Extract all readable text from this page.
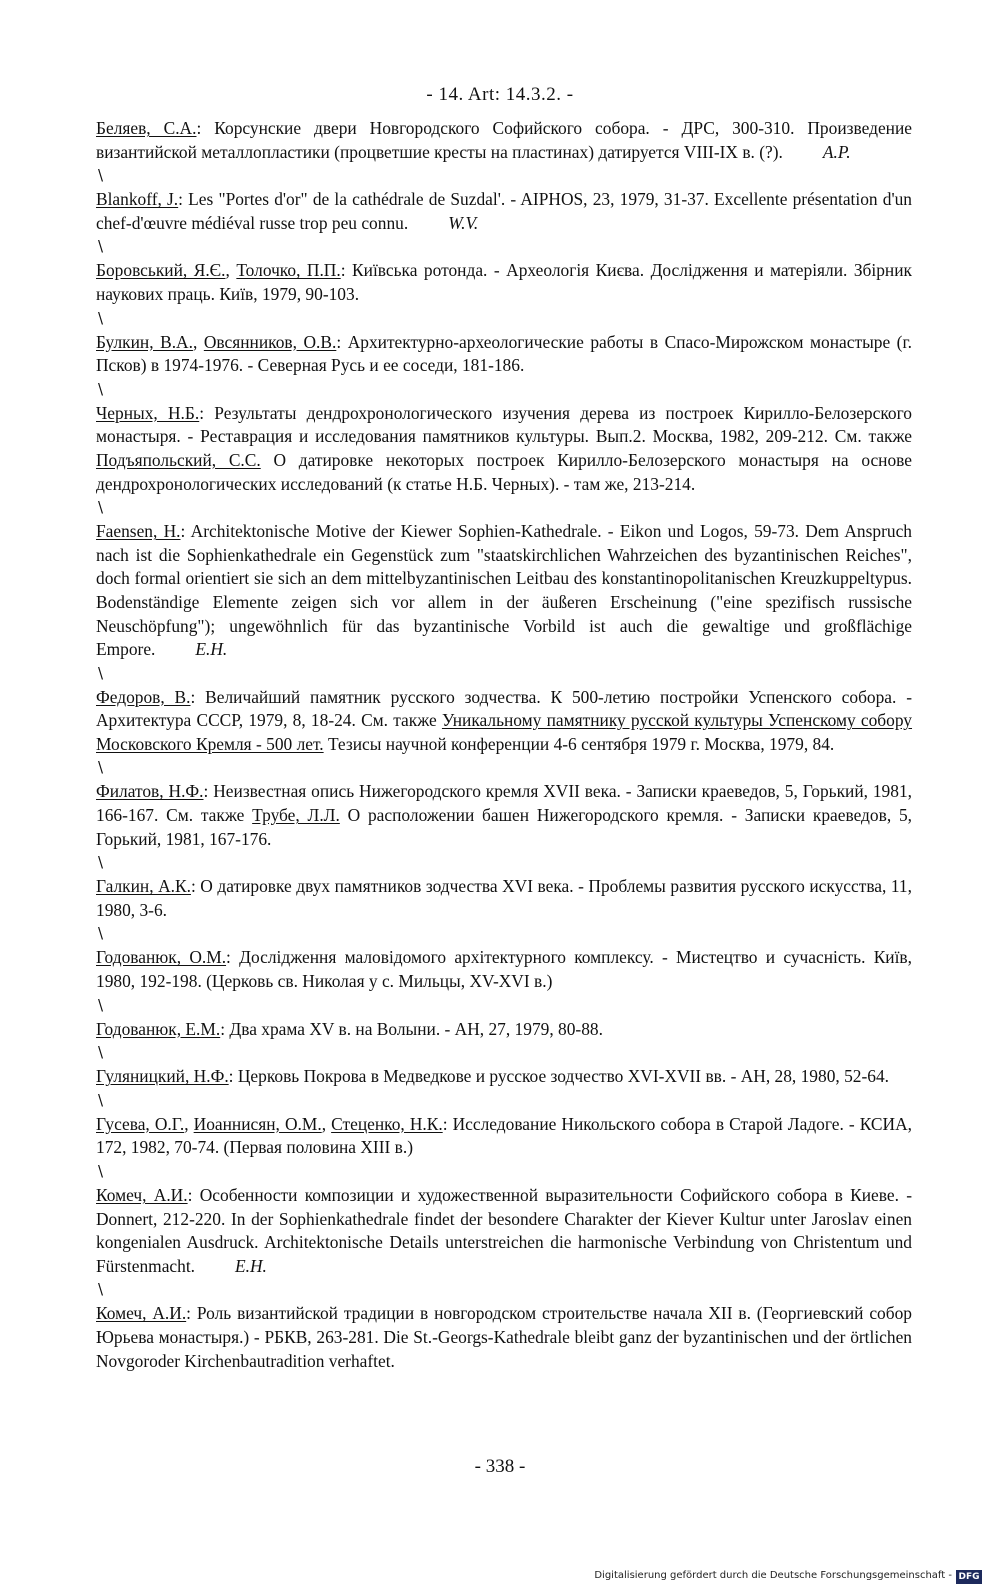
- 14. Art: 14.3.2. -

Беляев, С.А.: Корсунские двери Новгородского Софийского собора. - ДРС, 300-310. Произведение византийской металлопластики (процветшие кресты на пластинах) датируется VIII-IX в. (?). A.P.

\

Blankoff, J.: Les "Portes d'or" de la cathédrale de Suzdal'. - AIPHOS, 23, 1979, 31-37. Excellente présentation d'un chef-d'œuvre médiéval russe trop peu connu. W.V.

\

Боровський, Я.Є., Толочко, П.П.: Київська ротонда. - Археологія Києва. Дослідження и матеріяли. Збірник наукових праць. Київ, 1979, 90-103.

\

Булкин, В.А., Овсянников, О.В.: Архитектурно-археологические работы в Спасо-Мирожском монастыре (г. Псков) в 1974-1976. - Северная Русь и ее соседи, 181-186.

\

Черных, Н.Б.: Результаты дендрохронологического изучения дерева из построек Кирилло-Белозерского монастыря. - Реставрация и исследования памятников культуры. Вып.2. Москва, 1982, 209-212. См. также Подъяпольский, С.С. О датировке некоторых построек Кирилло-Белозерского монастыря на основе дендрохронологических исследований (к статье Н.Б. Черных). - там же, 213-214.

\

Faensen, H.: Architektonische Motive der Kiewer Sophien-Kathedrale. - Eikon und Logos, 59-73. Dem Anspruch nach ist die Sophienkathedrale ein Gegenstück zum "staatskirchlichen Wahrzeichen des byzantinischen Reiches", doch formal orientiert sie sich an dem mittelbyzantinischen Leitbau des konstantinopolitanischen Kreuzkuppeltypus. Bodenständige Elemente zeigen sich vor allem in der äußeren Erscheinung ("eine spezifisch russische Neuschöpfung"); ungewöhnlich für das byzantinische Vorbild ist auch die gewaltige und großflächige Empore. E.H.

\

Федоров, В.: Величайший памятник русского зодчества. К 500-летию постройки Успенского собора. - Архитектура СССР, 1979, 8, 18-24. См. также Уникальному памятнику русской культуры Успенскому собору Московского Кремля - 500 лет. Тезисы научной конференции 4-6 сентября 1979 г. Москва, 1979, 84.

\

Филатов, Н.Ф.: Неизвестная опись Нижегородского кремля XVII века. - Записки краеведов, 5, Горький, 1981, 166-167. См. также Трубе, Л.Л. О расположении башен Нижегородского кремля. - Записки краеведов, 5, Горький, 1981, 167-176.

\

Галкин, А.К.: О датировке двух памятников зодчества XVI века. - Проблемы развития русского искусства, 11, 1980, 3-6.

\

Годованюк, О.М.: Дослідження маловідомого архітектурного комплексу. - Мистецтво и сучасність. Київ, 1980, 192-198. (Церковь св. Николая у с. Мильцы, XV-XVI в.)

\

Годованюк, Е.М.: Два храма XV в. на Волыни. - АН, 27, 1979, 80-88.

\

Гуляницкий, Н.Ф.: Церковь Покрова в Медведкове и русское зодчество XVI-XVII вв. - АН, 28, 1980, 52-64.

\

Гусева, О.Г., Иоаннисян, О.М., Стеценко, Н.К.: Исследование Никольского собора в Старой Ладоге. - КСИА, 172, 1982, 70-74. (Первая половина XIII в.)

\

Комеч, А.И.: Особенности композиции и художественной выразительности Софийского собора в Киеве. - Donnert, 212-220. In der Sophienkathedrale findet der besondere Charakter der Kiever Kultur unter Jaroslav einen kongenialen Ausdruck. Architektonische Details unterstreichen die harmonische Verbindung von Christentum und Fürstenmacht. E.H.

\

Комеч, А.И.: Роль византийской традиции в новгородском строительстве начала XII в. (Георгиевский собор Юрьева монастыря.) - РБКВ, 263-281. Die St.-Georgs-Kathedrale bleibt ganz der byzantinischen und der örtlichen Novgoroder Kirchenbautradition verhaftet.

- 338 -
Digitalisierung gefördert durch die Deutsche Forschungsgemeinschaft - DFG
